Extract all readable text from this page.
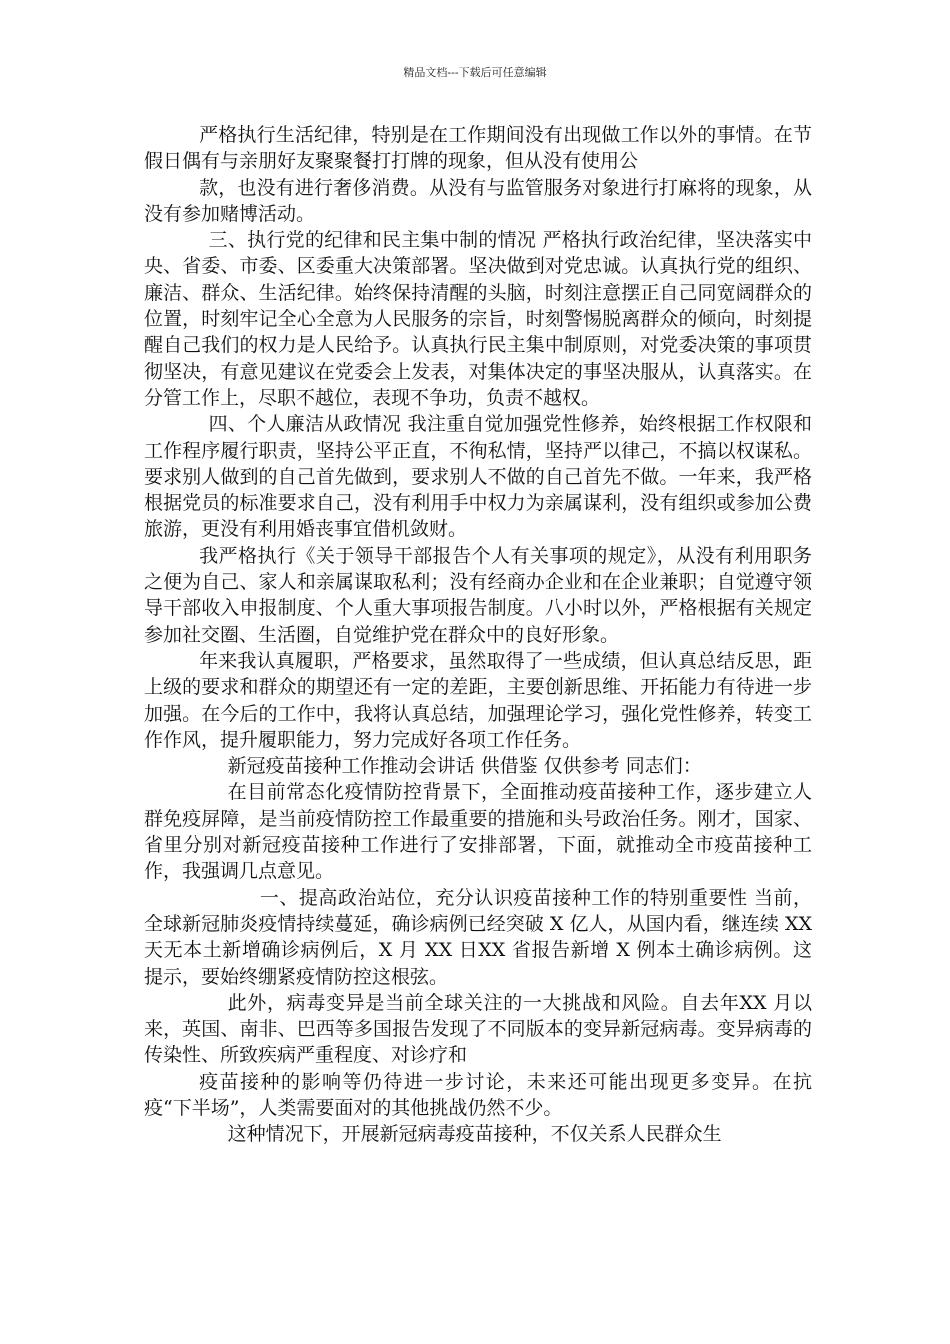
精品文档---下载后可任意编辑

严格执行生活纪律，特别是在工作期间没有出现做工作以外的事情。在节假日偶有与亲朋好友聚聚餐打打牌的现象，但从没有使用公

款，也没有进行奢侈消费。从没有与监管服务对象进行打麻将的现象，从没有参加赌博活动。

三、执行党的纪律和民主集中制的情况 严格执行政治纪律，坚决落实中央、省委、市委、区委重大决策部署。坚决做到对党忠诚。认真执行党的组织、廉洁、群众、生活纪律。始终保持清醒的头脑，时刻注意摆正自己同宽阔群众的位置，时刻牢记全心全意为人民服务的宗旨，时刻警惕脱离群众的倾向，时刻提醒自己我们的权力是人民给予。认真执行民主集中制原则，对党委决策的事项贯彻坚决，有意见建议在党委会上发表，对集体决定的事坚决服从，认真落实。在分管工作上，尽职不越位，表现不争功，负责不越权。

四、个人廉洁从政情况 我注重自觉加强党性修养，始终根据工作权限和工作程序履行职责，坚持公平正直，不徇私情，坚持严以律己，不搞以权谋私。要求别人做到的自己首先做到，要求别人不做的自己首先不做。一年来，我严格根据党员的标准要求自己，没有利用手中权力为亲属谋利，没有组织或参加公费旅游，更没有利用婚丧事宜借机敛财。

我严格执行《关于领导干部报告个人有关事项的规定》，从没有利用职务之便为自己、家人和亲属谋取私利；没有经商办企业和在企业兼职；自觉遵守领导干部收入申报制度、个人重大事项报告制度。八小时以外，严格根据有关规定参加社交圈、生活圈，自觉维护党在群众中的良好形象。

年来我认真履职，严格要求，虽然取得了一些成绩，但认真总结反思，距上级的要求和群众的期望还有一定的差距，主要创新思维、开拓能力有待进一步加强。在今后的工作中，我将认真总结，加强理论学习，强化党性修养，转变工作作风，提升履职能力，努力完成好各项工作任务。

新冠疫苗接种工作推动会讲话 供借鉴 仅供参考 同志们：

在目前常态化疫情防控背景下，全面推动疫苗接种工作，逐步建立人群免疫屏障，是当前疫情防控工作最重要的措施和头号政治任务。刚才，国家、省里分别对新冠疫苗接种工作进行了安排部署，下面，就推动全市疫苗接种工作，我强调几点意见。

一、提高政治站位，充分认识疫苗接种工作的特别重要性 当前，全球新冠肺炎疫情持续蔓延，确诊病例已经突破 X 亿人，从国内看，继连续 XX 天无本土新增确诊病例后，X 月 XX 日XX 省报告新增 X 例本土确诊病例。这提示，要始终绷紧疫情防控这根弦。

此外，病毒变异是当前全球关注的一大挑战和风险。自去年XX 月以来，英国、南非、巴西等多国报告发现了不同版本的变异新冠病毒。变异病毒的传染性、所致疾病严重程度、对诊疗和

疫苗接种的影响等仍待进一步讨论，未来还可能出现更多变异。在抗疫“下半场”，人类需要面对的其他挑战仍然不少。

这种情况下，开展新冠病毒疫苗接种，不仅关系人民群众生
